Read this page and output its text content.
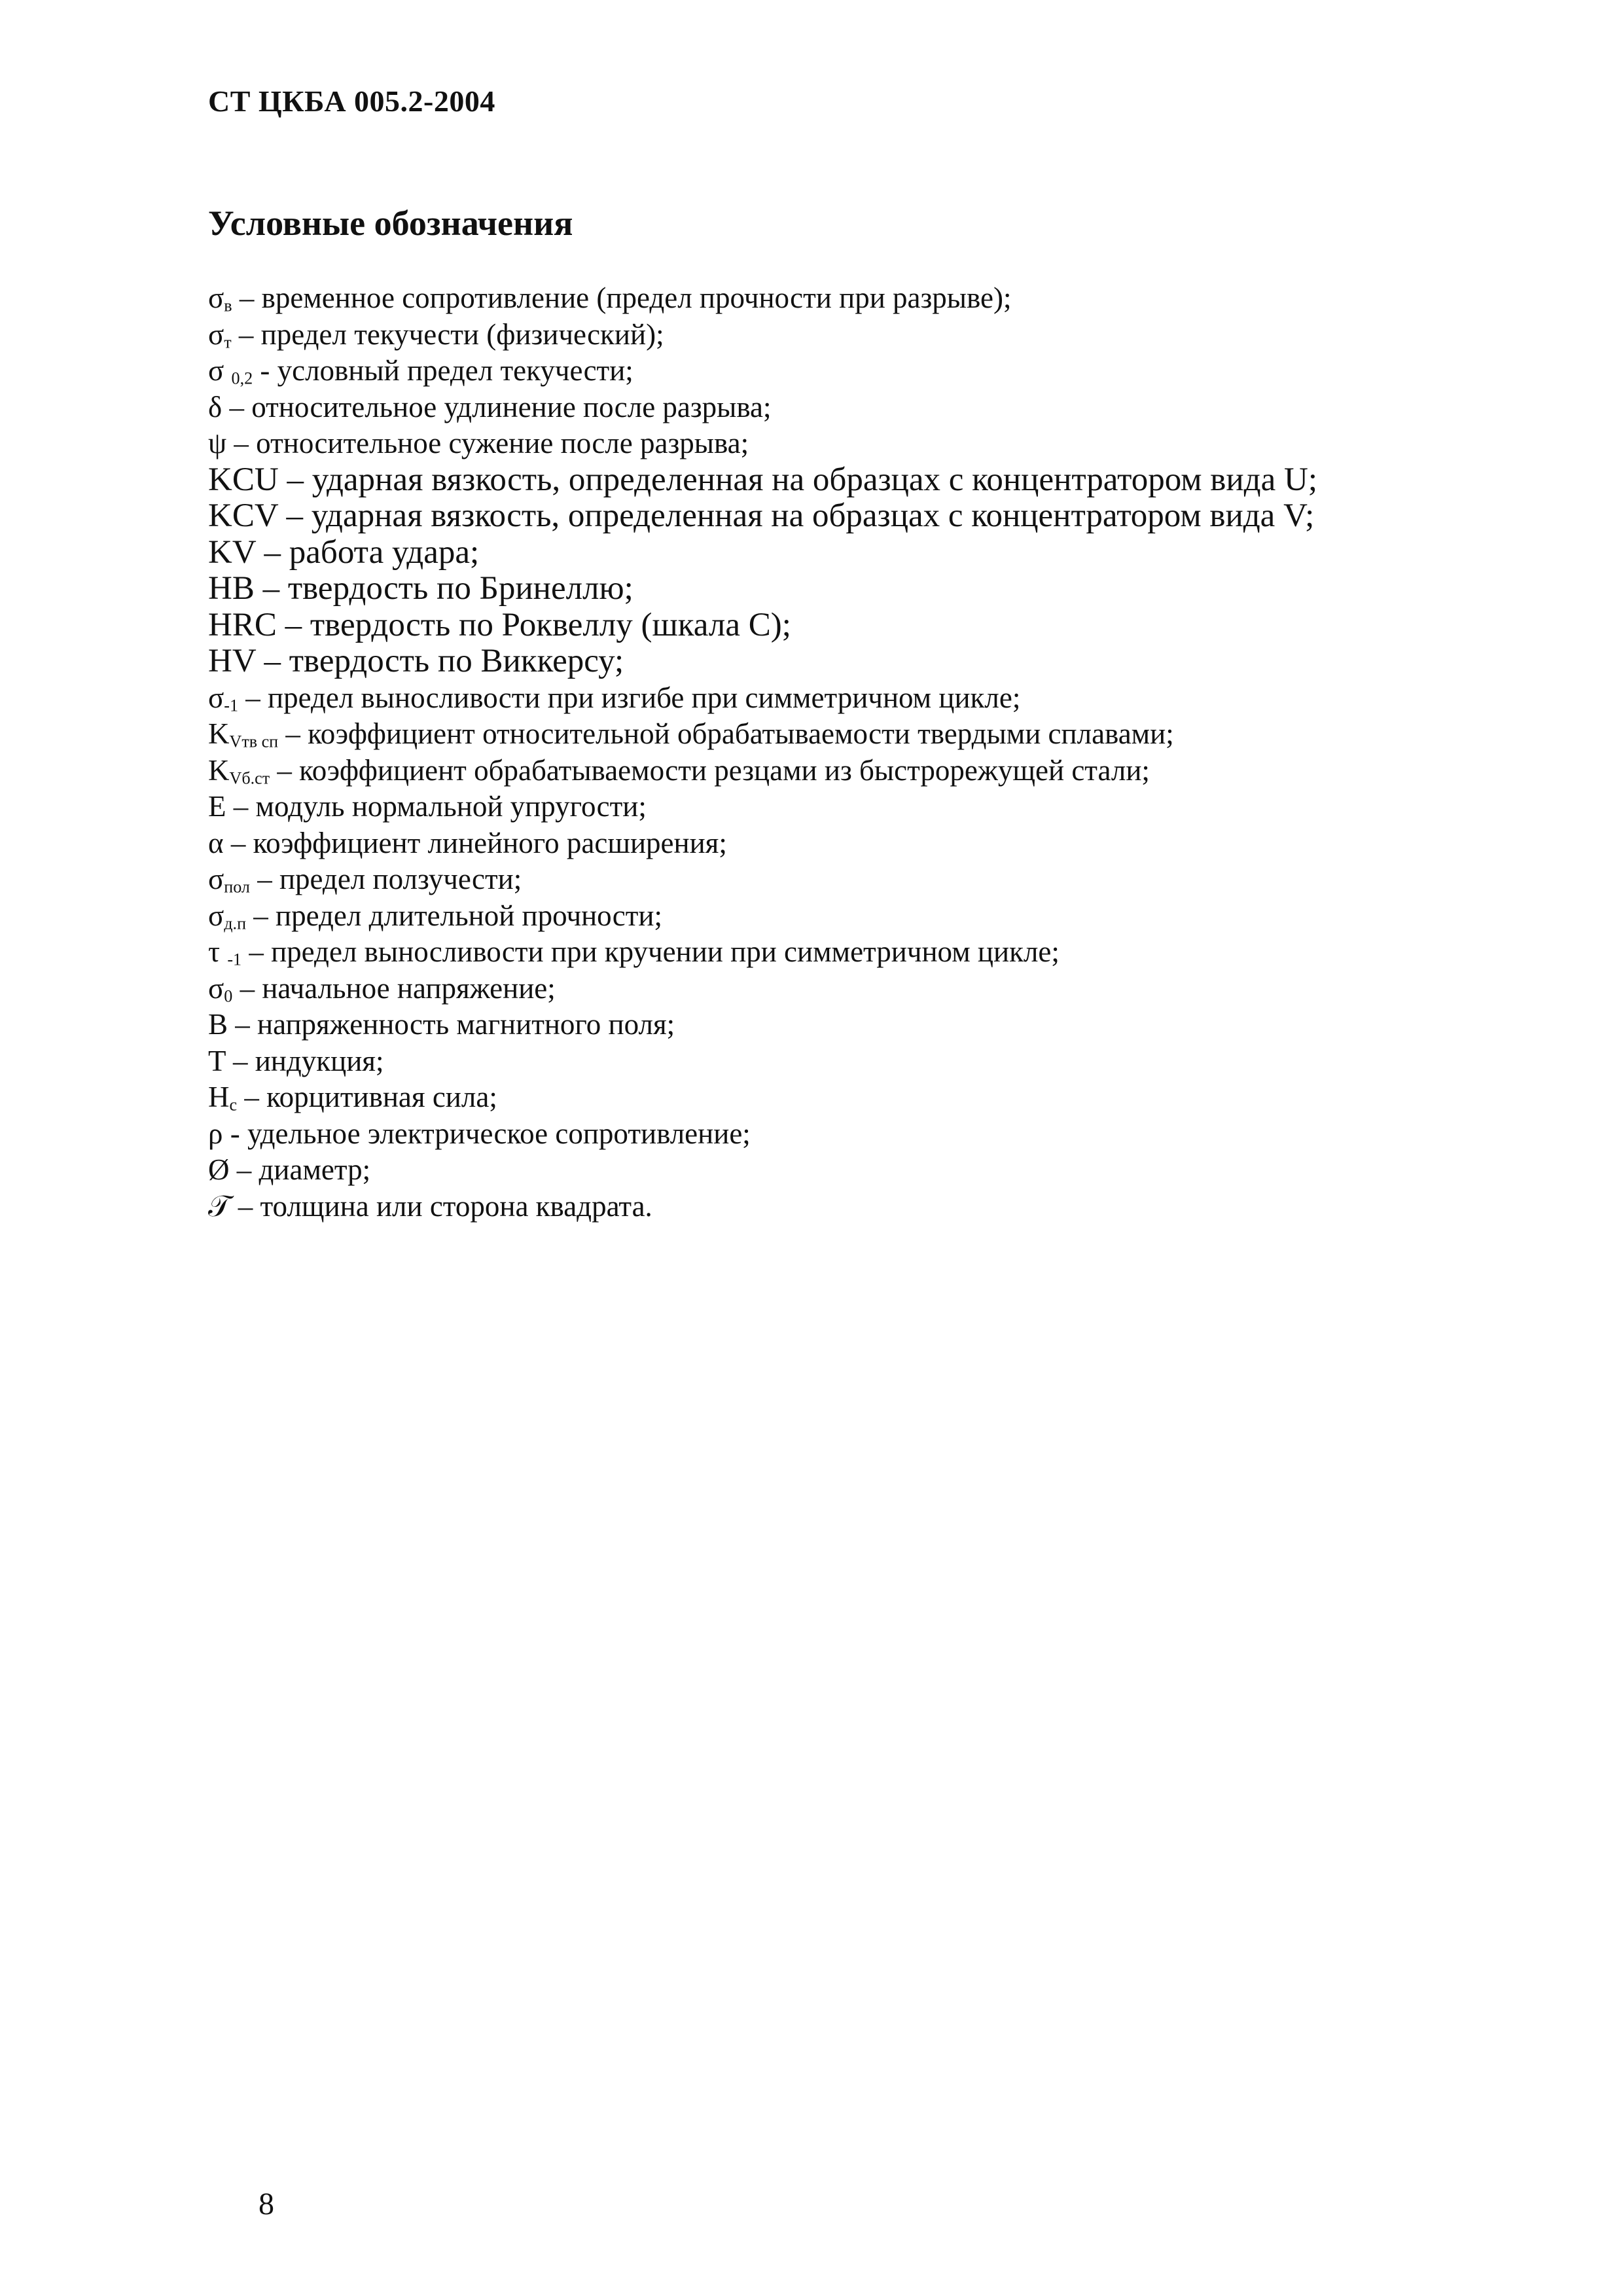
СТ ЦКБА 005.2-2004
Условные обозначения
$\sigma_в$ – временное сопротивление (предел прочности при разрыве);
$\sigma_т$ – предел текучести (физический);
σ $_{0,2}$ - условный предел текучести;
δ – относительное удлинение после разрыва;
ψ – относительное сужение после разрыва;
KCU – ударная вязкость, определенная на образцах с концентратором вида U;
KCV – ударная вязкость, определенная на образцах с концентратором вида V;
KV – работа удара;
HB – твердость по Бринеллю;
HRC – твердость по Роквеллу (шкала С);
HV – твердость по Виккерсу;
$\sigma_{-1}$ – предел выносливости при изгибе при симметричном цикле;
$K_{Vтв сп}$ – коэффициент относительной обрабатываемости твердыми сплавами;
$K_{Vб.ст}$ – коэффициент обрабатываемости резцами из быстрорежущей стали;
E – модуль нормальной упругости;
α – коэффициент линейного расширения;
$\sigma_{пол}$ – предел ползучести;
$\sigma_{д.п}$ – предел длительной прочности;
τ $_{-1}$ – предел выносливости при кручении при симметричном цикле;
$\sigma_0$ – начальное напряжение;
B – напряженность магнитного поля;
T – индукция;
$H_c$ – корцитивная сила;
ρ - удельное электрическое сопротивление;
Ø – диаметр;
𝒯 – толщина или сторона квадрата.
8
